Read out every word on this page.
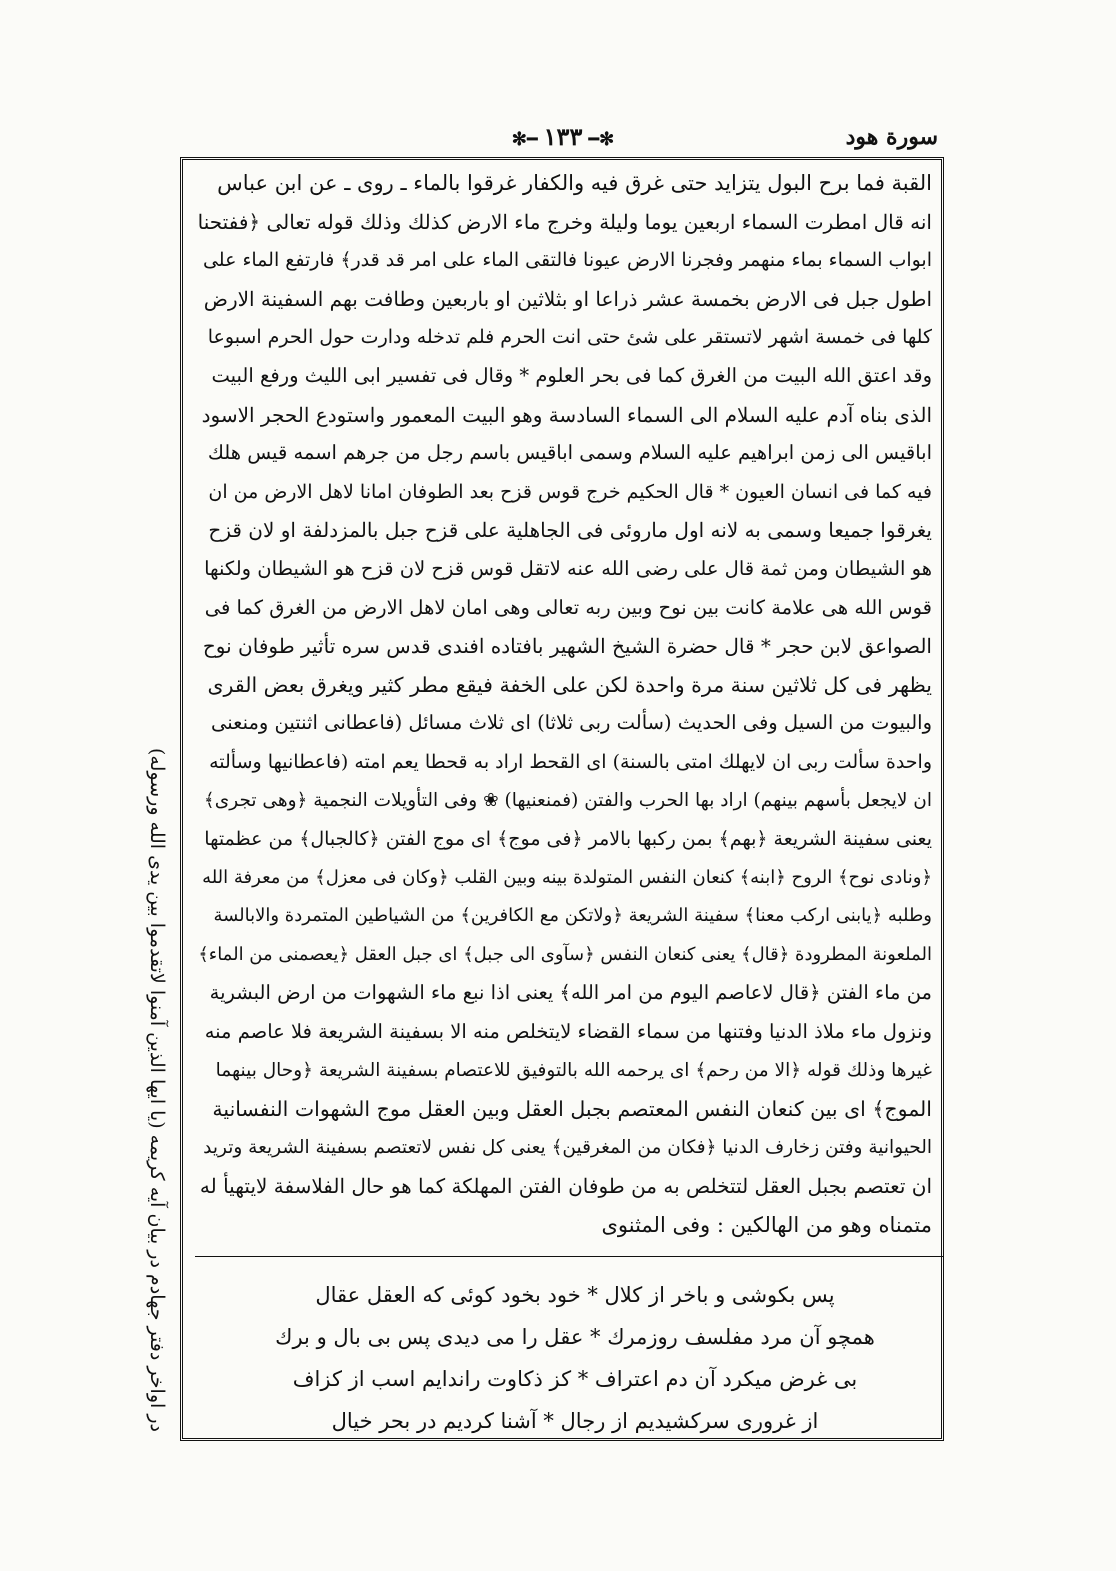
✻━١٣٣━✻	سورة هود
القبة فما برح البول يتزايد حتى غرق فيه والكفار غرقوا بالماء ـ روى ـ عن ابن عباس
انه قال امطرت السماء اربعين يوما وليلة وخرج ماء الارض كذلك وذلك قوله تعالى ﴿ففتحنا
ابواب السماء بماء منهمر وفجرنا الارض عيونا فالتقى الماء على امر قد قدر﴾ فارتفع الماء على
اطول جبل فى الارض بخمسة عشر ذراعا او بثلاثين او باربعين وطافت بهم السفينة الارض
كلها فى خمسة اشهر لاتستقر على شئ حتى انت الحرم فلم تدخله ودارت حول الحرم اسبوعا
وقد اعتق الله البيت من الغرق كما فى بحر العلوم * وقال فى تفسير ابى الليث ورفع البيت
الذى بناه آدم عليه السلام الى السماء السادسة وهو البيت المعمور واستودع الحجر الاسود
اباقيس الى زمن ابراهيم عليه السلام وسمى اباقيس باسم رجل من جرهم اسمه قيس هلك
فيه كما فى انسان العيون * قال الحكيم خرج قوس قزح بعد الطوفان امانا لاهل الارض من ان
يغرقوا جميعا وسمى به لانه اول ماروئى فى الجاهلية على قزح جبل بالمزدلفة او لان قزح
هو الشيطان ومن ثمة قال على رضى الله عنه لاتقل قوس قزح لان قزح هو الشيطان ولكنها
قوس الله هى علامة كانت بين نوح وبين ربه تعالى وهى امان لاهل الارض من الغرق كما فى
الصواعق لابن حجر * قال حضرة الشيخ الشهير بافتاده افندى قدس سره تأثير طوفان نوح
يظهر فى كل ثلاثين سنة مرة واحدة لكن على الخفة فيقع مطر كثير ويغرق بعض القرى
والبيوت من السيل وفى الحديث (سألت ربى ثلاثا) اى ثلاث مسائل (فاعطانى اثنتين ومنعنى
واحدة سألت ربى ان لايهلك امتى بالسنة) اى القحط اراد به قحطا يعم امته (فاعطانيها وسألته
ان لايجعل بأسهم بينهم) اراد بها الحرب والفتن (فمنعنيها) ❀ وفى التأويلات النجمية ﴿وهى تجرى﴾
يعنى سفينة الشريعة ﴿بهم﴾ بمن ركبها بالامر ﴿فى موج﴾ اى موج الفتن ﴿كالجبال﴾ من عظمتها
﴿ونادى نوح﴾ الروح ﴿ابنه﴾ كنعان النفس المتولدة بينه وبين القلب ﴿وكان فى معزل﴾ من معرفة الله
وطلبه ﴿يابنى اركب معنا﴾ سفينة الشريعة ﴿ولاتكن مع الكافرين﴾ من الشياطين المتمردة والابالسة
الملعونة المطرودة ﴿قال﴾ يعنى كنعان النفس ﴿سآوى الى جبل﴾ اى جبل العقل ﴿يعصمنى من الماء﴾
من ماء الفتن ﴿قال لاعاصم اليوم من امر الله﴾ يعنى اذا نبع ماء الشهوات من ارض البشرية
ونزول ماء ملاذ الدنيا وفتنها من سماء القضاء لايتخلص منه الا بسفينة الشريعة فلا عاصم منه
غيرها وذلك قوله ﴿الا من رحم﴾ اى يرحمه الله بالتوفيق للاعتصام بسفينة الشريعة ﴿وحال بينهما
الموج﴾ اى بين كنعان النفس المعتصم بجبل العقل وبين العقل موج الشهوات النفسانية
الحيوانية وفتن زخارف الدنيا ﴿فكان من المغرقين﴾ يعنى كل نفس لاتعتصم بسفينة الشريعة وتريد
ان تعتصم بجبل العقل لتتخلص به من طوفان الفتن المهلكة كما هو حال الفلاسفة لايتهيأ له
متمناه وهو من الهالكين : وفى المثنوى
پس بكوشى و باخر از كلال * خود بخود كوئى كه العقل عقال
همچو آن مرد مفلسف روزمرك * عقل را مى ديدى پس بى بال و برك
بى غرض ميكرد آن دم اعتراف * كز ذكاوت راندايم اسب از كزاف
از غرورى سركشيديم از رجال * آشنا كرديم در بحر خيال
در اواخر دفتر جهادم در بيان آيه كريمه (يا ايها الذين آمنوا لاتقدموا بين يدى الله ورسوله)
